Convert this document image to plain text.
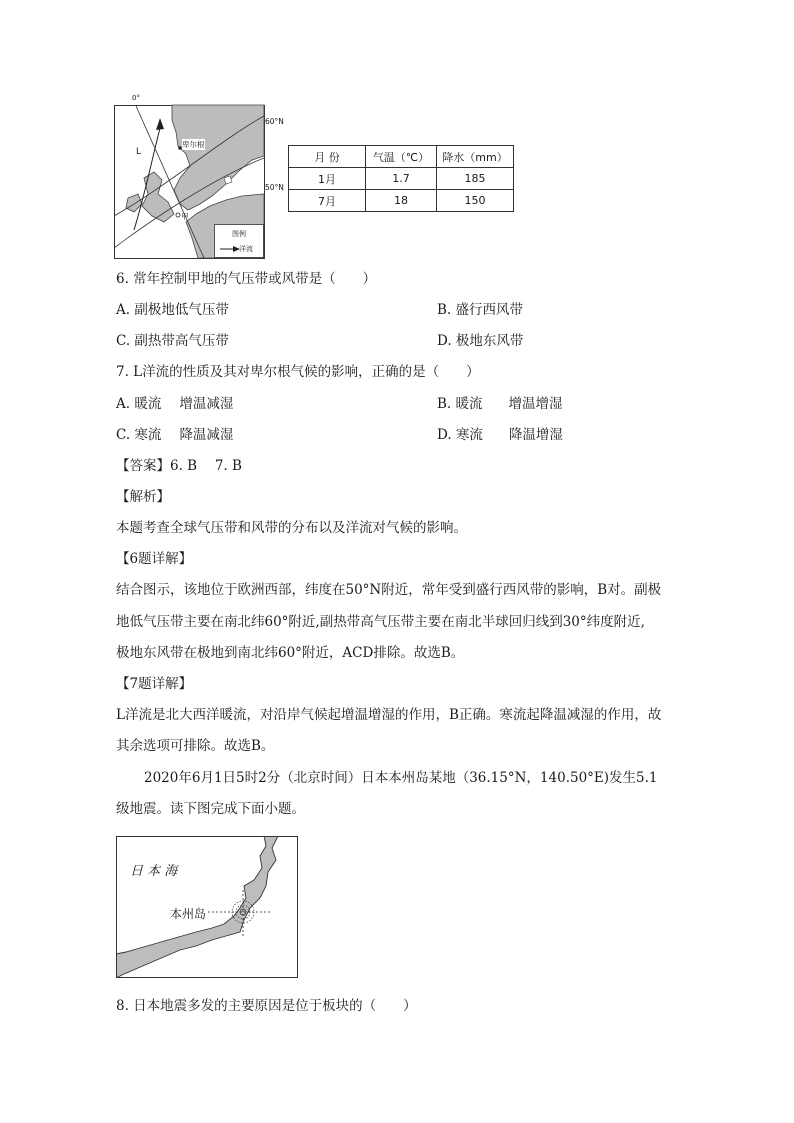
0°
卑尔根
L
甲
图例
洋流
60°N
50°N
月 份	气温（℃）	降水（mm）
1月	1.7	185
7月	18	150
6. 常年控制甲地的气压带或风带是（　　）
A. 副极地低气压带	B. 盛行西风带
C. 副热带高气压带	D. 极地东风带
7. L洋流的性质及其对卑尔根气候的影响，正确的是（　　）
A. 暖流 增温减湿	B. 暖流 增温增湿
C. 寒流 降温减湿	D. 寒流 降温增湿
【答案】6. B　 7. B
【解析】
本题考查全球气压带和风带的分布以及洋流对气候的影响。
【6题详解】
结合图示，该地位于欧洲西部，纬度在50°N附近，常年受到盛行西风带的影响，B对。副极
地低气压带主要在南北纬60°附近,副热带高气压带主要在南北半球回归线到30°纬度附近,
极地东风带在极地到南北纬60°附近，ACD排除。故选B。
【7题详解】
L洋流是北大西洋暖流，对沿岸气候起增温增湿的作用，B正确。寒流起降温减湿的作用，故
其余选项可排除。故选B。
2020年6月1日5时2分（北京时间）日本本州岛某地（36.15°N，140.50°E)发生5.1
级地震。读下图完成下面小题。
日 本 海
本州岛
8. 日本地震多发的主要原因是位于板块的（　　）
